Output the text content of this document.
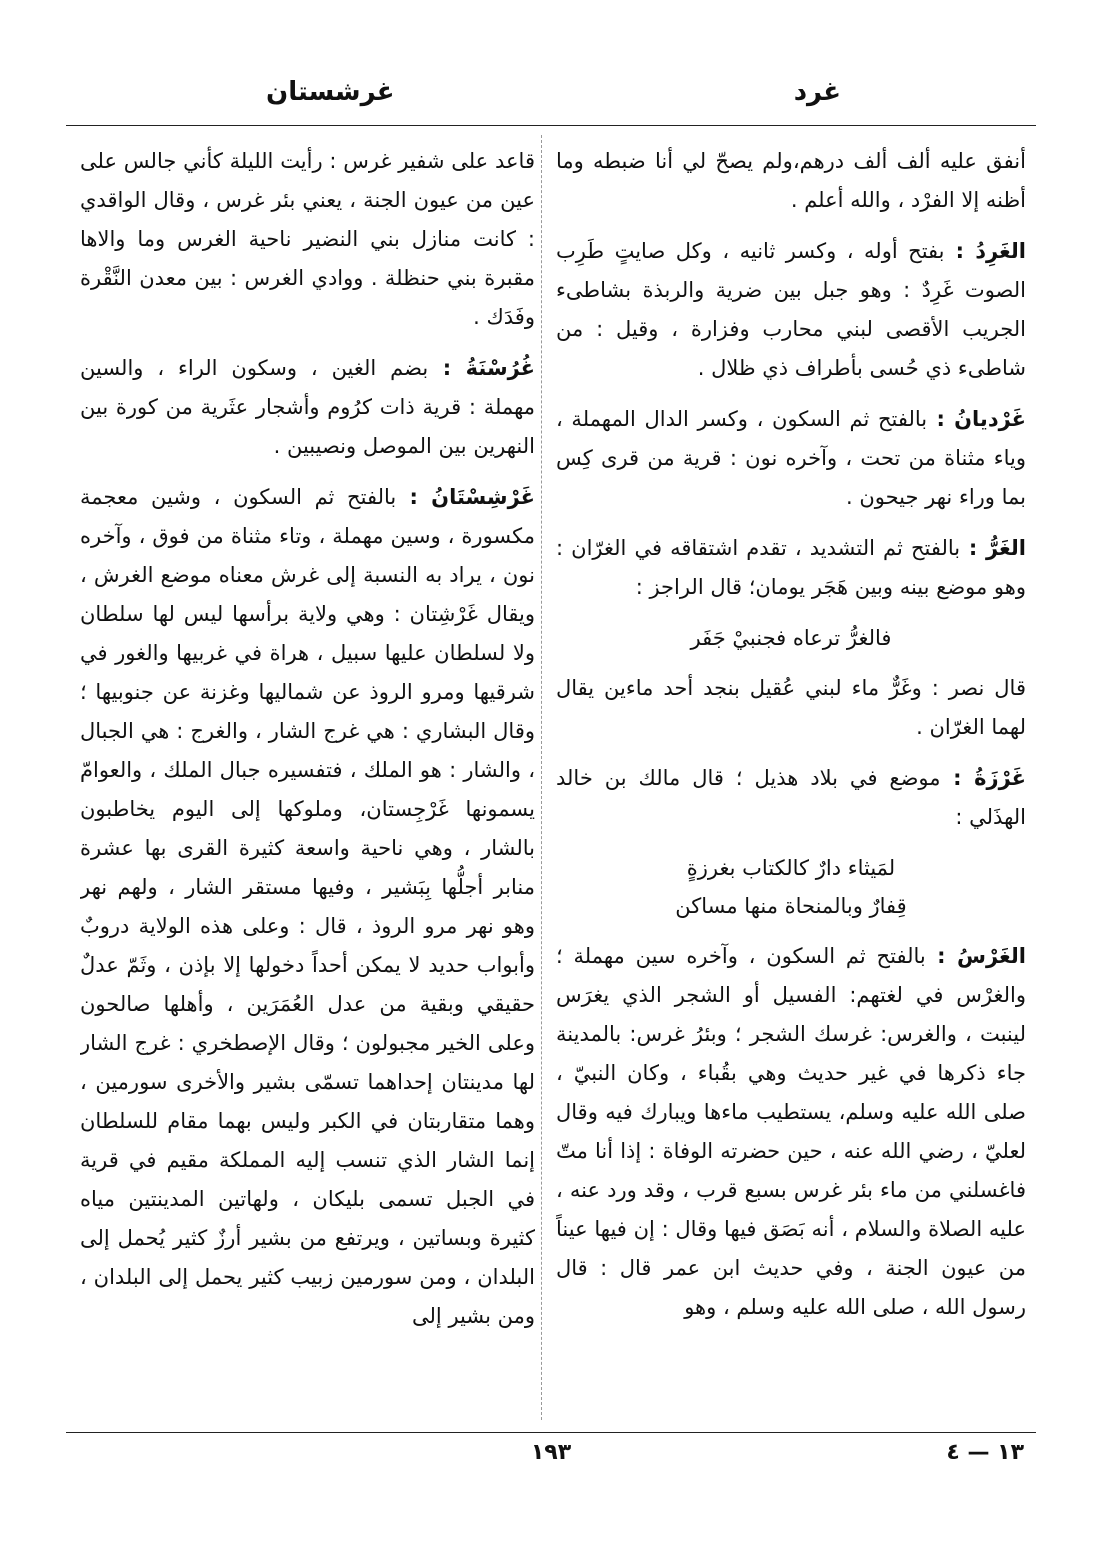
غرشستان	غرد

أنفق عليه ألف ألف درهم،ولم يصحّ لي أنا ضبطه وما أظنه إلا الفرْد ، والله أعلم .

الغَرِدُ :بفتح أوله ، وكسر ثانيه ، وكل صايتٍ طَرِب الصوت غَرِدٌ : وهو جبل بين ضرية والربذة بشاطىء الجريب الأقصى لبني محارب وفزارة ، وقيل : من شاطىء ذي حُسى بأطراف ذي ظلال .

غَرْديانُ :بالفتح ثم السكون ، وكسر الدال المهملة ، وياء مثناة من تحت ، وآخره نون : قرية من قرى كِس بما وراء نهر جيحون .

الغَرُّ :بالفتح ثم التشديد ، تقدم اشتقاقه في الغرّان : وهو موضع بينه وبين هَجَر يومان؛ قال الراجز :

فالغرُّ ترعاه فجنبيْ جَفَر

قال نصر : وغَرٌّ ماء لبني عُقيل بنجد أحد ماءين يقال لهما الغرّان .

غَرْزَةُ :موضع في بلاد هذيل ؛ قال مالك بن خالد الهذَلي :

لمَيثاء دارٌ كالكتاب بغرزةٍ
قِفارٌ وبالمنحاة منها مساكن

الغَرْسُ :بالفتح ثم السكون ، وآخره سين مهملة ؛ والغرْس في لغتهم: الفسيل أو الشجر الذي يغرَس لينبت ، والغرس: غرسك الشجر ؛ وبئرُ غرس: بالمدينة جاء ذكرها في غير حديث وهي بقُباء ، وكان النبيّ ، صلى الله عليه وسلم، يستطيب ماءها ويبارك فيه وقال لعليّ ، رضي الله عنه ، حين حضرته الوفاة : إذا أنا متّ فاغسلني من ماء بئر غرس بسبع قرب ، وقد ورد عنه ، عليه الصلاة والسلام ، أنه بَصَق فيها وقال : إن فيها عيناً من عيون الجنة ، وفي حديث ابن عمر قال : قال رسول الله ، صلى الله عليه وسلم ، وهو

قاعد على شفير غرس : رأيت الليلة كأني جالس على عين من عيون الجنة ، يعني بئر غرس ، وقال الواقدي : كانت منازل بني النضير ناحية الغرس وما والاها مقبرة بني حنظلة . ووادي الغرس : بين معدن النَّقْرة وفَدَك .

غُرُسْنَةُ :بضم الغين ، وسكون الراء ، والسين مهملة : قرية ذات كرُوم وأشجار عثَرية من كورة بين النهرين بين الموصل ونصيبين .

غَرْشِسْتَانُ :بالفتح ثم السكون ، وشين معجمة مكسورة ، وسين مهملة ، وتاء مثناة من فوق ، وآخره نون ، يراد به النسبة إلى غرش معناه موضع الغرش ، ويقال غَرْشِتان : وهي ولاية برأسها ليس لها سلطان ولا لسلطان عليها سبيل ، هراة في غربيها والغور في شرقيها ومرو الروذ عن شماليها وغزنة عن جنوبيها ؛ وقال البشاري : هي غرج الشار ، والغرج : هي الجبال ، والشار : هو الملك ، فتفسيره جبال الملك ، والعوامّ يسمونها غَرْجِستان، وملوكها إلى اليوم يخاطبون بالشار ، وهي ناحية واسعة كثيرة القرى بها عشرة منابر أجلُّها بِبَشير ، وفيها مستقر الشار ، ولهم نهر وهو نهر مرو الروذ ، قال : وعلى هذه الولاية دروبٌ وأبواب حديد لا يمكن أحداً دخولها إلا بإذن ، وثَمّ عدلٌ حقيقي وبقية من عدل العُمَرَين ، وأهلها صالحون وعلى الخير مجبولون ؛ وقال الإصطخري : غرج الشار لها مدينتان إحداهما تسمّى بشير والأخرى سورمين ، وهما متقاربتان في الكبر وليس بهما مقام للسلطان إنما الشار الذي تنسب إليه المملكة مقيم في قرية في الجبل تسمى بليكان ، ولهاتين المدينتين مياه كثيرة وبساتين ، ويرتفع من بشير أرزٌ كثير يُحمل إلى البلدان ، ومن سورمين زبيب كثير يحمل إلى البلدان ، ومن بشير إلى

١٩٣	١٣ — ٤
